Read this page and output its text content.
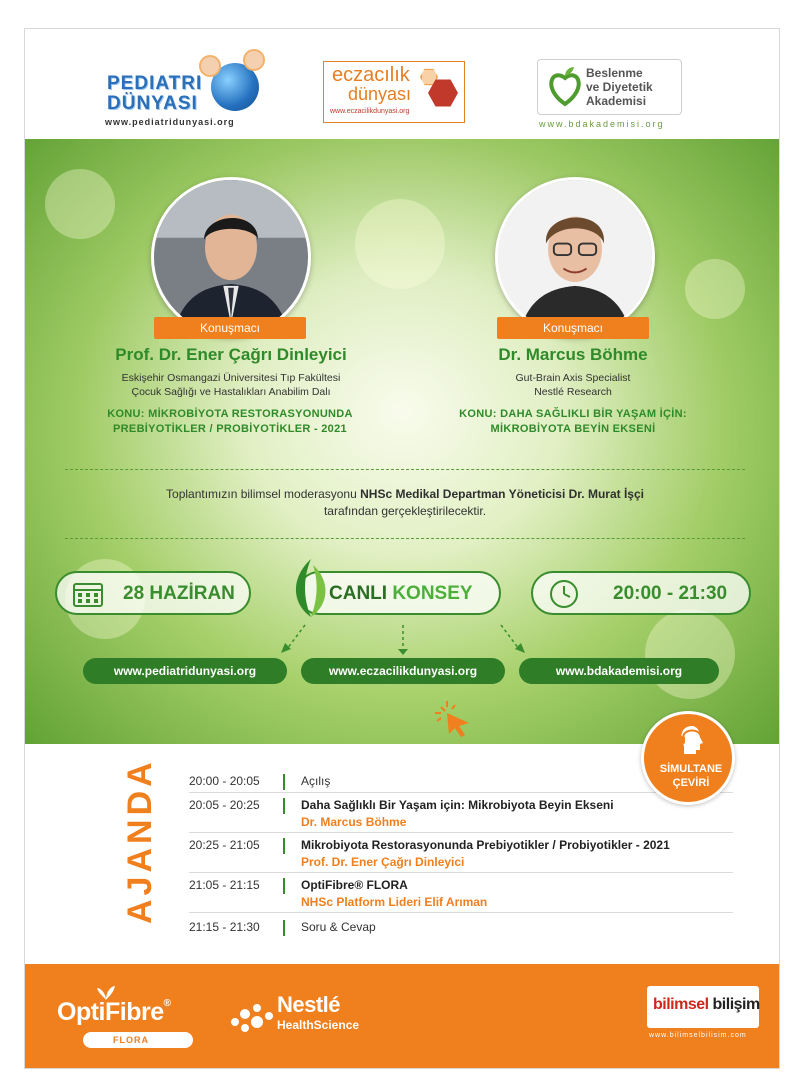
PEDIATRI
DÜNYASI
www.pediatridunyasi.org
eczacılık
dünyası
www.eczacilikdunyasi.org
Beslenme
ve Diyetetik
Akademisi
www.bdakademisi.org
Konuşmacı
Prof. Dr. Ener Çağrı Dinleyici
Eskişehir Osmangazi Üniversitesi Tıp Fakültesi
Çocuk Sağlığı ve Hastalıkları Anabilim Dalı
KONU: MİKROBİYOTA RESTORASYONUNDA
PREBİYOTİKLER / PROBİYOTİKLER - 2021
Konuşmacı
Dr. Marcus Böhme
Gut-Brain Axis Specialist
Nestlé Research
KONU: DAHA SAĞLIKLI BİR YAŞAM İÇİN:
MİKROBİYOTA BEYİN EKSENİ
Toplantımızın bilimsel moderasyonu NHSc Medikal Departman Yöneticisi Dr. Murat İşçi
tarafından gerçekleştirilecektir.
28 HAZİRAN	CANLI KONSEY	20:00 - 21:30
www.pediatridunyasi.org	www.eczacilikdunyasi.org	www.bdakademisi.org
AJANDA	20:00 - 20:05	Açılış
20:05 - 20:25	Daha Sağlıklı Bir Yaşam için: Mikrobiyota Beyin Ekseni
Dr. Marcus Böhme
20:25 - 21:05	Mikrobiyota Restorasyonunda Prebiyotikler / Probiyotikler - 2021
Prof. Dr. Ener Çağrı Dinleyici
21:05 - 21:15	OptiFibre® FLORA
NHSc Platform Lideri Elif Arıman
21:15 - 21:30	Soru & Cevap
SİMULTANE
ÇEVİRİ
OptiFibre®
FLORA
Nestlé
HealthScience
bilimsel bilişim
www.bilimselbilisim.com
